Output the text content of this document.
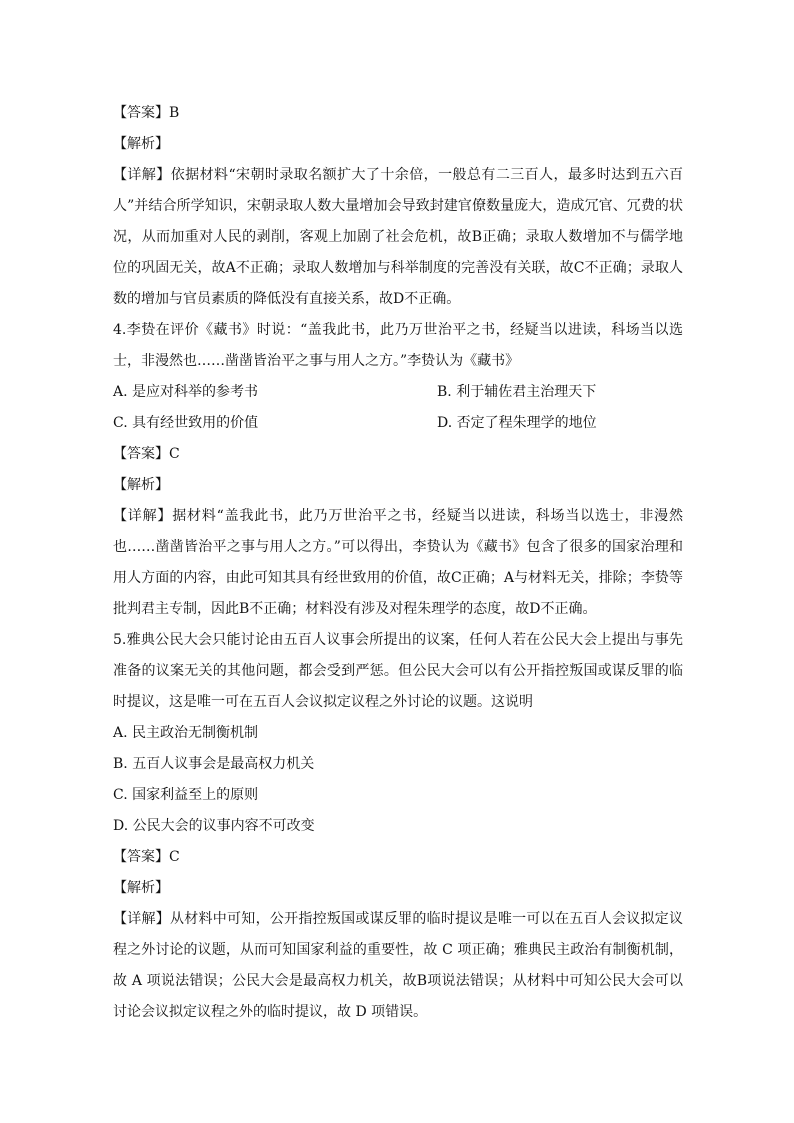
【答案】B

【解析】

【详解】依据材料“宋朝时录取名额扩大了十余倍，一般总有二三百人，最多时达到五六百人”并结合所学知识，宋朝录取人数大量增加会导致封建官僚数量庞大，造成冗官、冗费的状况，从而加重对人民的剥削，客观上加剧了社会危机，故B正确；录取人数增加不与儒学地位的巩固无关，故A不正确；录取人数增加与科举制度的完善没有关联，故C不正确；录取人数的增加与官员素质的降低没有直接关系，故D不正确。

4.李贽在评价《藏书》时说：“盖我此书，此乃万世治平之书，经疑当以进读，科场当以选士，非漫然也……凿凿皆治平之事与用人之方。”李贽认为《藏书》

A. 是应对科举的参考书	B. 利于辅佐君主治理天下
C. 具有经世致用的价值	D. 否定了程朱理学的地位

【答案】C

【解析】

【详解】据材料“盖我此书，此乃万世治平之书，经疑当以进读，科场当以选士，非漫然也……凿凿皆治平之事与用人之方。”可以得出，李贽认为《藏书》包含了很多的国家治理和用人方面的内容，由此可知其具有经世致用的价值，故C正确；A与材料无关，排除；李贽等批判君主专制，因此B不正确；材料没有涉及对程朱理学的态度，故D不正确。

5.雅典公民大会只能讨论由五百人议事会所提出的议案，任何人若在公民大会上提出与事先准备的议案无关的其他问题，都会受到严惩。但公民大会可以有公开指控叛国或谋反罪的临时提议，这是唯一可在五百人会议拟定议程之外讨论的议题。这说明

A. 民主政治无制衡机制

B. 五百人议事会是最高权力机关

C. 国家利益至上的原则

D. 公民大会的议事内容不可改变

【答案】C

【解析】

【详解】从材料中可知，公开指控叛国或谋反罪的临时提议是唯一可以在五百人会议拟定议程之外讨论的议题，从而可知国家利益的重要性，故 C 项正确；雅典民主政治有制衡机制，故 A 项说法错误；公民大会是最高权力机关，故B项说法错误；从材料中可知公民大会可以讨论会议拟定议程之外的临时提议，故 D 项错误。
